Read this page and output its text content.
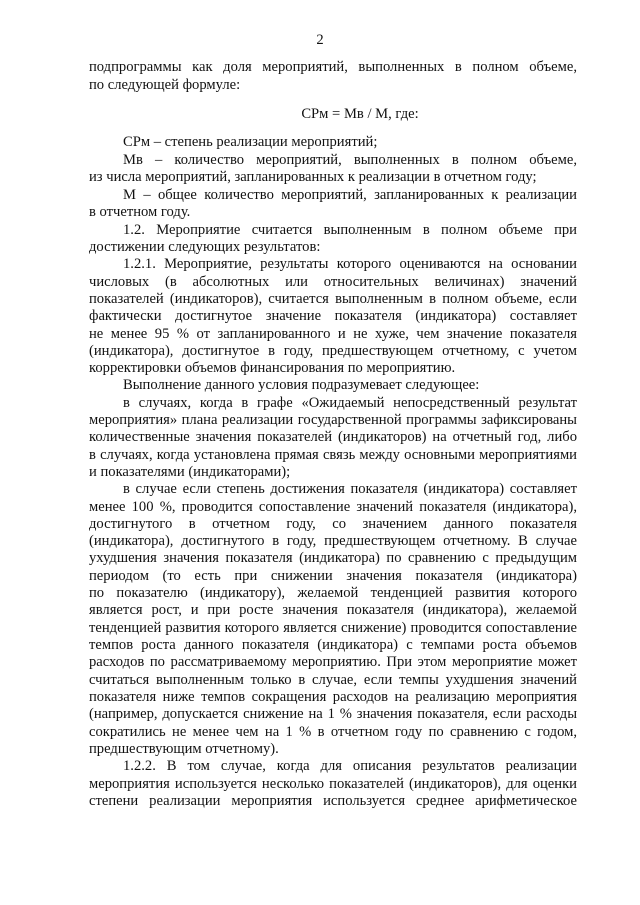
2
подпрограммы как доля мероприятий, выполненных в полном объеме,
по следующей формуле:
СРм = Мв / М, где:
СРм – степень реализации мероприятий;
Мв – количество мероприятий, выполненных в полном объеме,
из числа мероприятий, запланированных к реализации в отчетном году;
М – общее количество мероприятий, запланированных к реализации
в отчетном году.
1.2. Мероприятие считается выполненным в полном объеме при
достижении следующих результатов:
1.2.1. Мероприятие, результаты которого оцениваются на основании
числовых (в абсолютных или относительных величинах) значений
показателей (индикаторов), считается выполненным в полном объеме, если
фактически достигнутое значение показателя (индикатора) составляет
не менее 95 % от запланированного и не хуже, чем значение показателя
(индикатора), достигнутое в году, предшествующем отчетному, с учетом
корректировки объемов финансирования по мероприятию.
Выполнение данного условия подразумевает следующее:
в случаях, когда в графе «Ожидаемый непосредственный результат
мероприятия» плана реализации государственной программы зафиксированы
количественные значения показателей (индикаторов) на отчетный год, либо
в случаях, когда установлена прямая связь между основными мероприятиями
и показателями (индикаторами);
в случае если степень достижения показателя (индикатора) составляет
менее 100 %, проводится сопоставление значений показателя (индикатора),
достигнутого в отчетном году, со значением данного показателя
(индикатора), достигнутого в году, предшествующем отчетному. В случае
ухудшения значения показателя (индикатора) по сравнению с предыдущим
периодом (то есть при снижении значения показателя (индикатора)
по показателю (индикатору), желаемой тенденцией развития которого
является рост, и при росте значения показателя (индикатора), желаемой
тенденцией развития которого является снижение) проводится сопоставление
темпов роста данного показателя (индикатора) с темпами роста объемов
расходов по рассматриваемому мероприятию. При этом мероприятие может
считаться выполненным только в случае, если темпы ухудшения значений
показателя ниже темпов сокращения расходов на реализацию мероприятия
(например, допускается снижение на 1 % значения показателя, если расходы
сократились не менее чем на 1 % в отчетном году по сравнению с годом,
предшествующим отчетному).
1.2.2. В том случае, когда для описания результатов реализации
мероприятия используется несколько показателей (индикаторов), для оценки
степени реализации мероприятия используется среднее арифметическое
